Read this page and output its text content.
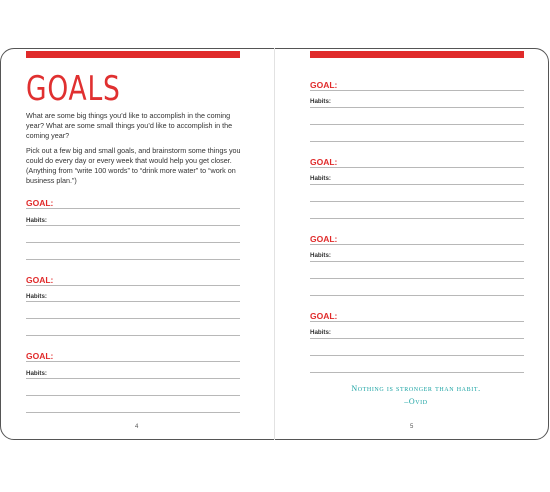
GOALS
What are some big things you’d like to accomplish in the coming year? What are some small things you’d like to accomplish in the coming year?
Pick out a few big and small goals, and brainstorm some things you could do every day or every week that would help you get closer. (Anything from “write 100 words” to “drink more water” to “work on business plan.”)
GOAL:
Habits:
GOAL:
Habits:
GOAL:
Habits:
4
GOAL:
Habits:
GOAL:
Habits:
GOAL:
Habits:
GOAL:
Habits:
Nothing is stronger than habit.
–Ovid
5
